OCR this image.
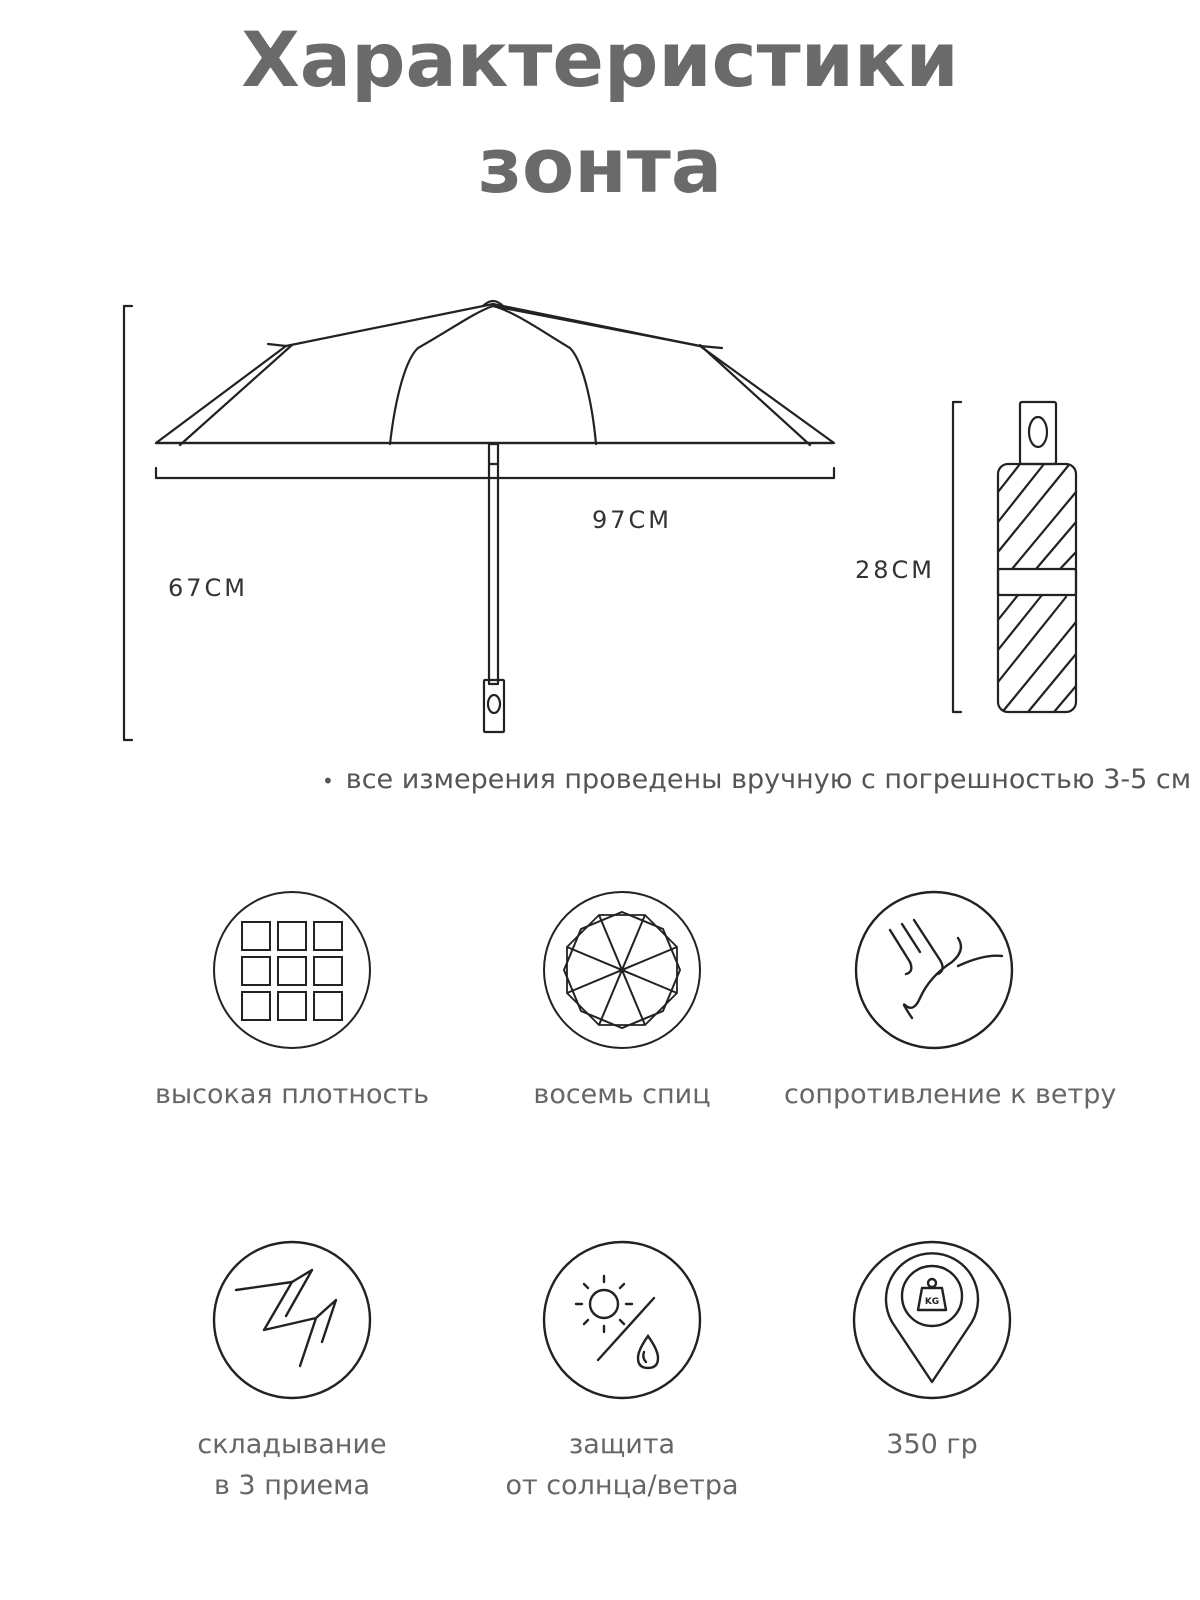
Характеристики
зонта
67CM
97CM
28CM
• все измерения проведены вручную с погрешностью 3-5 см
высокая плотность	восемь спиц	сопротивление к ветру
складывание
в 3 приема
защита
от солнца/ветра
KG
350 гр
